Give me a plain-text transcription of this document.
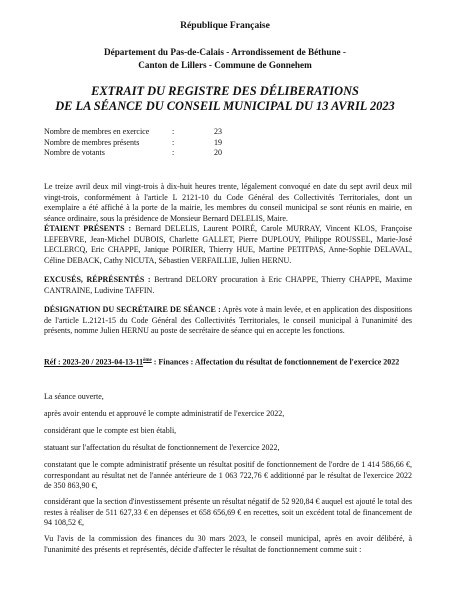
République Française
Département du Pas-de-Calais - Arrondissement de Béthune -
Canton de Lillers - Commune de Gonnehem
EXTRAIT DU REGISTRE DES DÉLIBERATIONS
DE LA SÉANCE DU CONSEIL MUNICIPAL DU 13 AVRIL 2023
Nombre de membres en exercice	:	23
Nombre de membres présents	:	19
Nombre de votants	:	20

Le treize avril deux mil vingt-trois à dix-huit heures trente, légalement convoqué en date du sept avril deux mil vingt-trois, conformément à l'article L 2121-10 du Code Général des Collectivités Territoriales, dont un exemplaire a été affiché à la porte de la mairie, les membres du conseil municipal se sont réunis en mairie, en séance ordinaire, sous la présidence de Monsieur Bernard DELELIS, Maire.

ÉTAIENT PRÉSENTS : Bernard DELELIS, Laurent POIRÉ, Carole MURRAY, Vincent KLOS, Françoise LEFEBVRE, Jean-Michel DUBOIS, Charlette GALLET, Pierre DUPLOUY, Philippe ROUSSEL, Marie-José LECLERCQ, Eric CHAPPE, Janique POIRIER, Thierry HUE, Martine PETITPAS, Anne-Sophie DELAVAL, Céline DEBACK, Cathy NICUTA, Sébastien VERFAILLIE, Julien HERNU.

EXCUSÉS, RÉPRÉSENTÉS : Bertrand DELORY procuration à Eric CHAPPE, Thierry CHAPPE, Maxime CANTRAINE, Ludivine TAFFIN.

DÉSIGNATION DU SECRÉTAIRE DE SÉANCE : Après vote à main levée, et en application des dispositions de l'article L.2121-15 du Code Général des Collectivités Territoriales, le conseil municipal à l'unanimité des présents, nomme Julien HERNU au poste de secrétaire de séance qui en accepte les fonctions.

Réf : 2023-20 / 2023-04-13-11ème : Finances : Affectation du résultat de fonctionnement de l'exercice 2022

La séance ouverte,

après avoir entendu et approuvé le compte administratif de l'exercice 2022,

considérant que le compte est bien établi,

statuant sur l'affectation du résultat de fonctionnement de l'exercice 2022,

constatant que le compte administratif présente un résultat positif de fonctionnement de l'ordre de 1 414 586,66 €, correspondant au résultat net de l'année antérieure de 1 063 722,76 € additionné par le résultat de l'exercice 2022 de 350 863,90 €,

considérant que la section d'investissement présente un résultat négatif de 52 920,84 € auquel est ajouté le total des restes à réaliser de 511 627,33 € en dépenses et 658 656,69 € en recettes, soit un excédent total de financement de 94 108,52 €,

Vu l'avis de la commission des finances du 30 mars 2023, le conseil municipal, après en avoir délibéré, à l'unanimité des présents et représentés, décide d'affecter le résultat de fonctionnement comme suit :
